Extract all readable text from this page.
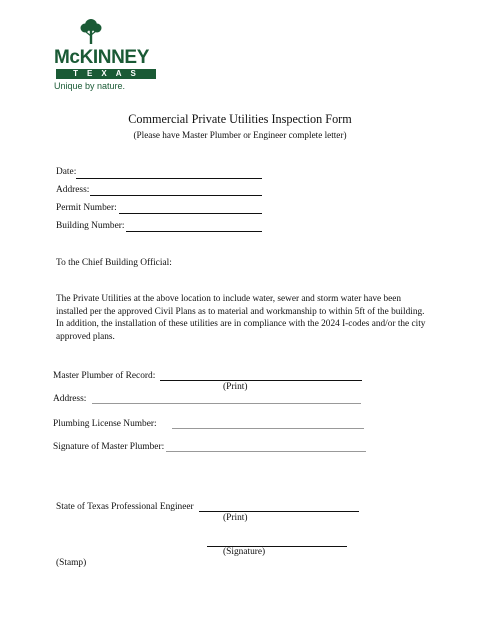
McKINNEY
TEXAS
Unique by nature.
Commercial Private Utilities Inspection Form
(Please have Master Plumber or Engineer complete letter)
Date:
Address:
Permit Number:
Building Number:
To the Chief Building Official:
The Private Utilities at the above location to include water, sewer and storm water have been installed per the approved Civil Plans as to material and workmanship to within 5ft of the building. In addition, the installation of these utilities are in compliance with the 2024 I-codes and/or the city approved plans.
Master Plumber of Record:
(Print)
Address:
Plumbing License Number:
Signature of Master Plumber:
State of Texas Professional Engineer
(Print)
(Signature)
(Stamp)
